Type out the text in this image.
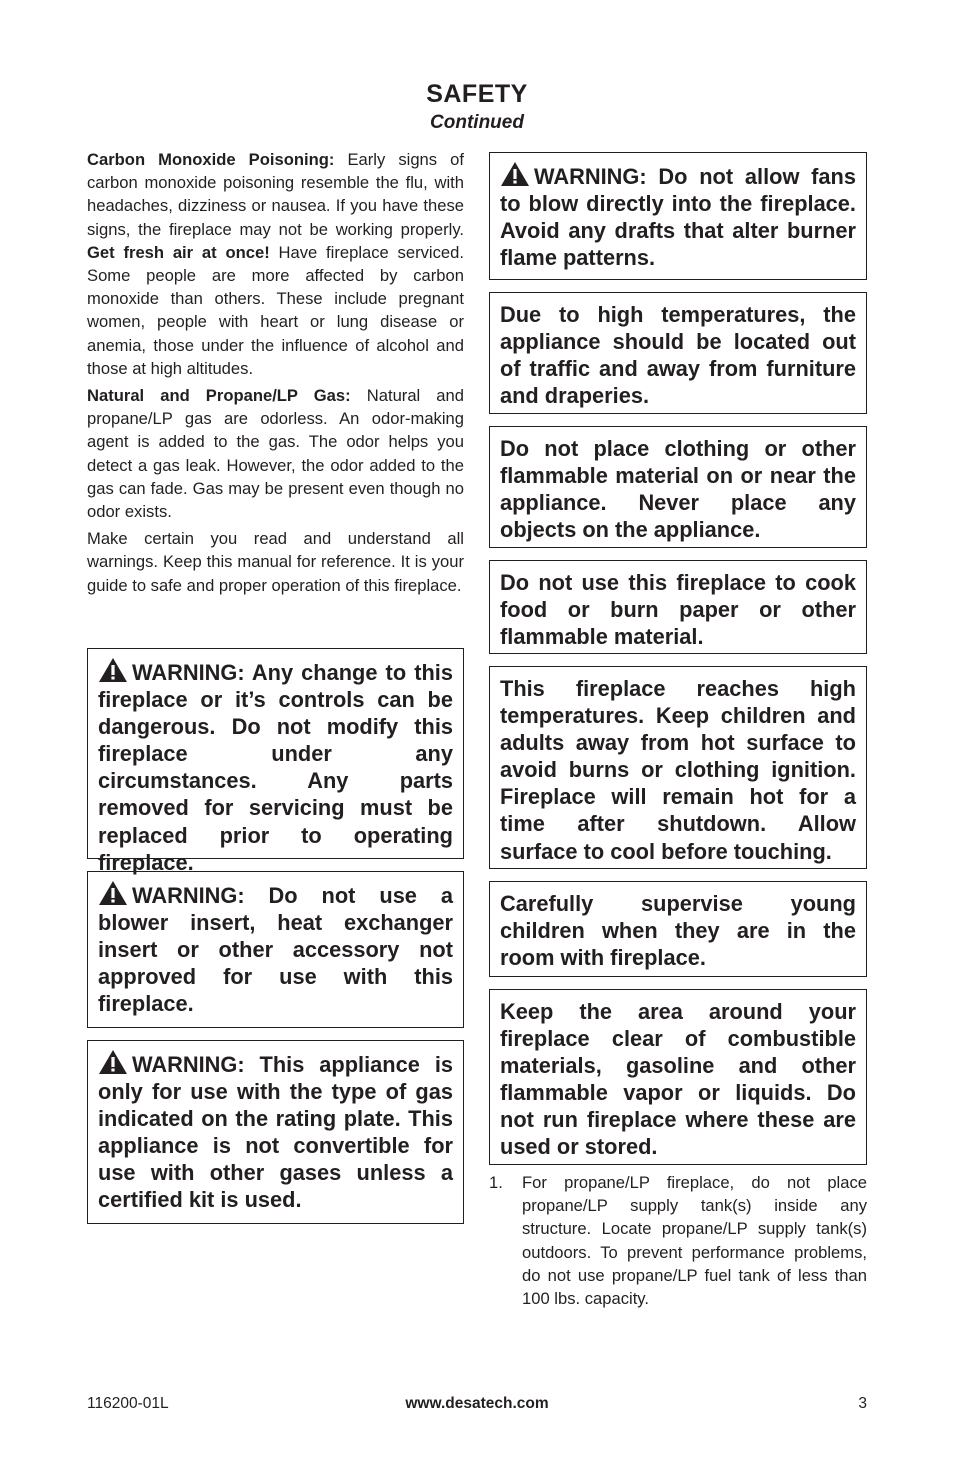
SAFETY
Continued

Carbon Monoxide Poisoning: Early signs of carbon monoxide poisoning resemble the flu, with headaches, dizziness or nausea. If you have these signs, the fireplace may not be working properly. Get fresh air at once! Have fireplace serviced. Some people are more affected by carbon monoxide than others. These include pregnant women, people with heart or lung disease or anemia, those under the influence of alcohol and those at high altitudes.

Natural and Propane/LP Gas: Natural and propane/LP gas are odorless. An odor-making agent is added to the gas. The odor helps you detect a gas leak. However, the odor added to the gas can fade. Gas may be present even though no odor exists.

Make certain you read and understand all warnings. Keep this manual for reference. It is your guide to safe and proper operation of this fireplace.

WARNING: Any change to this fireplace or it’s controls can be dangerous. Do not modify this fireplace under any circumstances. Any parts removed for servicing must be replaced prior to operating fireplace.
WARNING: Do not use a blower insert, heat exchanger insert or other accessory not approved for use with this fireplace.
WARNING: This appliance is only for use with the type of gas indicated on the rating plate. This appliance is not convertible for use with other gases unless a certified kit is used.
WARNING: Do not allow fans to blow directly into the fireplace. Avoid any drafts that alter burner flame patterns.
Due to high temperatures, the appliance should be located out of traffic and away from furniture and draperies.
Do not place clothing or other flammable material on or near the appliance. Never place any objects on the appliance.
Do not use this fireplace to cook food or burn paper or other flammable material.
This fireplace reaches high temperatures. Keep children and adults away from hot surface to avoid burns or clothing ignition. Fireplace will remain hot for a time after shutdown. Allow surface to cool before touching.
Carefully supervise young children when they are in the room with fireplace.
Keep the area around your fireplace clear of combustible materials, gasoline and other flammable vapor or liquids. Do not run fireplace where these are used or stored.
1.	For propane/LP fireplace, do not place propane/LP supply tank(s) inside any structure. Locate propane/LP supply tank(s) outdoors. To prevent performance problems, do not use propane/LP fuel tank of less than 100 lbs. capacity.
116200-01L	www.desatech.com	3
